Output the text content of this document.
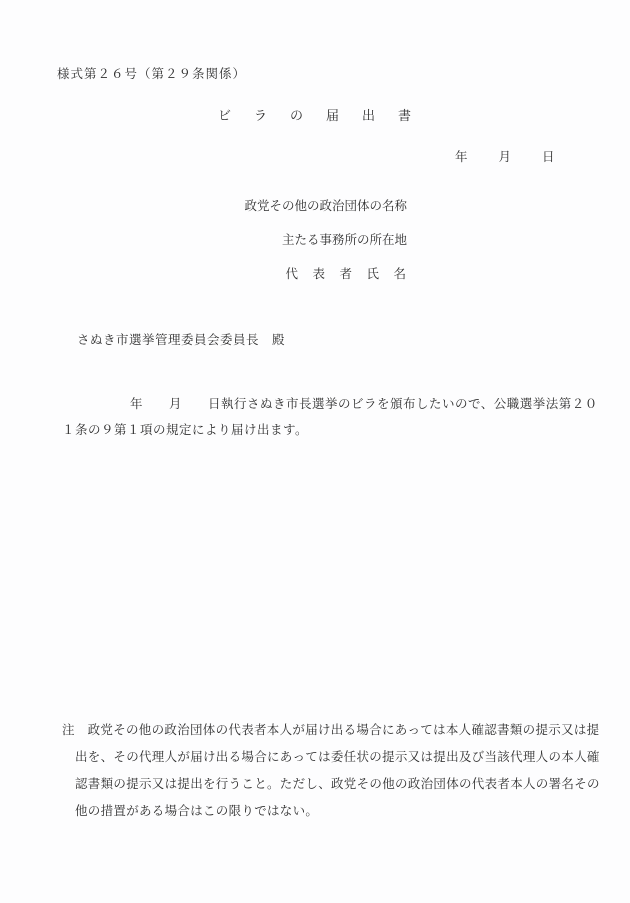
様式第２６号（第２９条関係）
ビ　ラ　の　届　出　書
年　　月　　日
政党その他の政治団体の名称
主たる事務所の所在地
代　表　者　氏　名
さぬき市選挙管理委員会委員長　殿
年　　月　　日執行さぬき市長選挙のビラを頒布したいので、公職選挙法第２０
１条の９第１項の規定により届け出ます。
注　政党その他の政治団体の代表者本人が届け出る場合にあっては本人確認書類の提示又は提
出を、その代理人が届け出る場合にあっては委任状の提示又は提出及び当該代理人の本人確
認書類の提示又は提出を行うこと。ただし、政党その他の政治団体の代表者本人の署名その
他の措置がある場合はこの限りではない。
